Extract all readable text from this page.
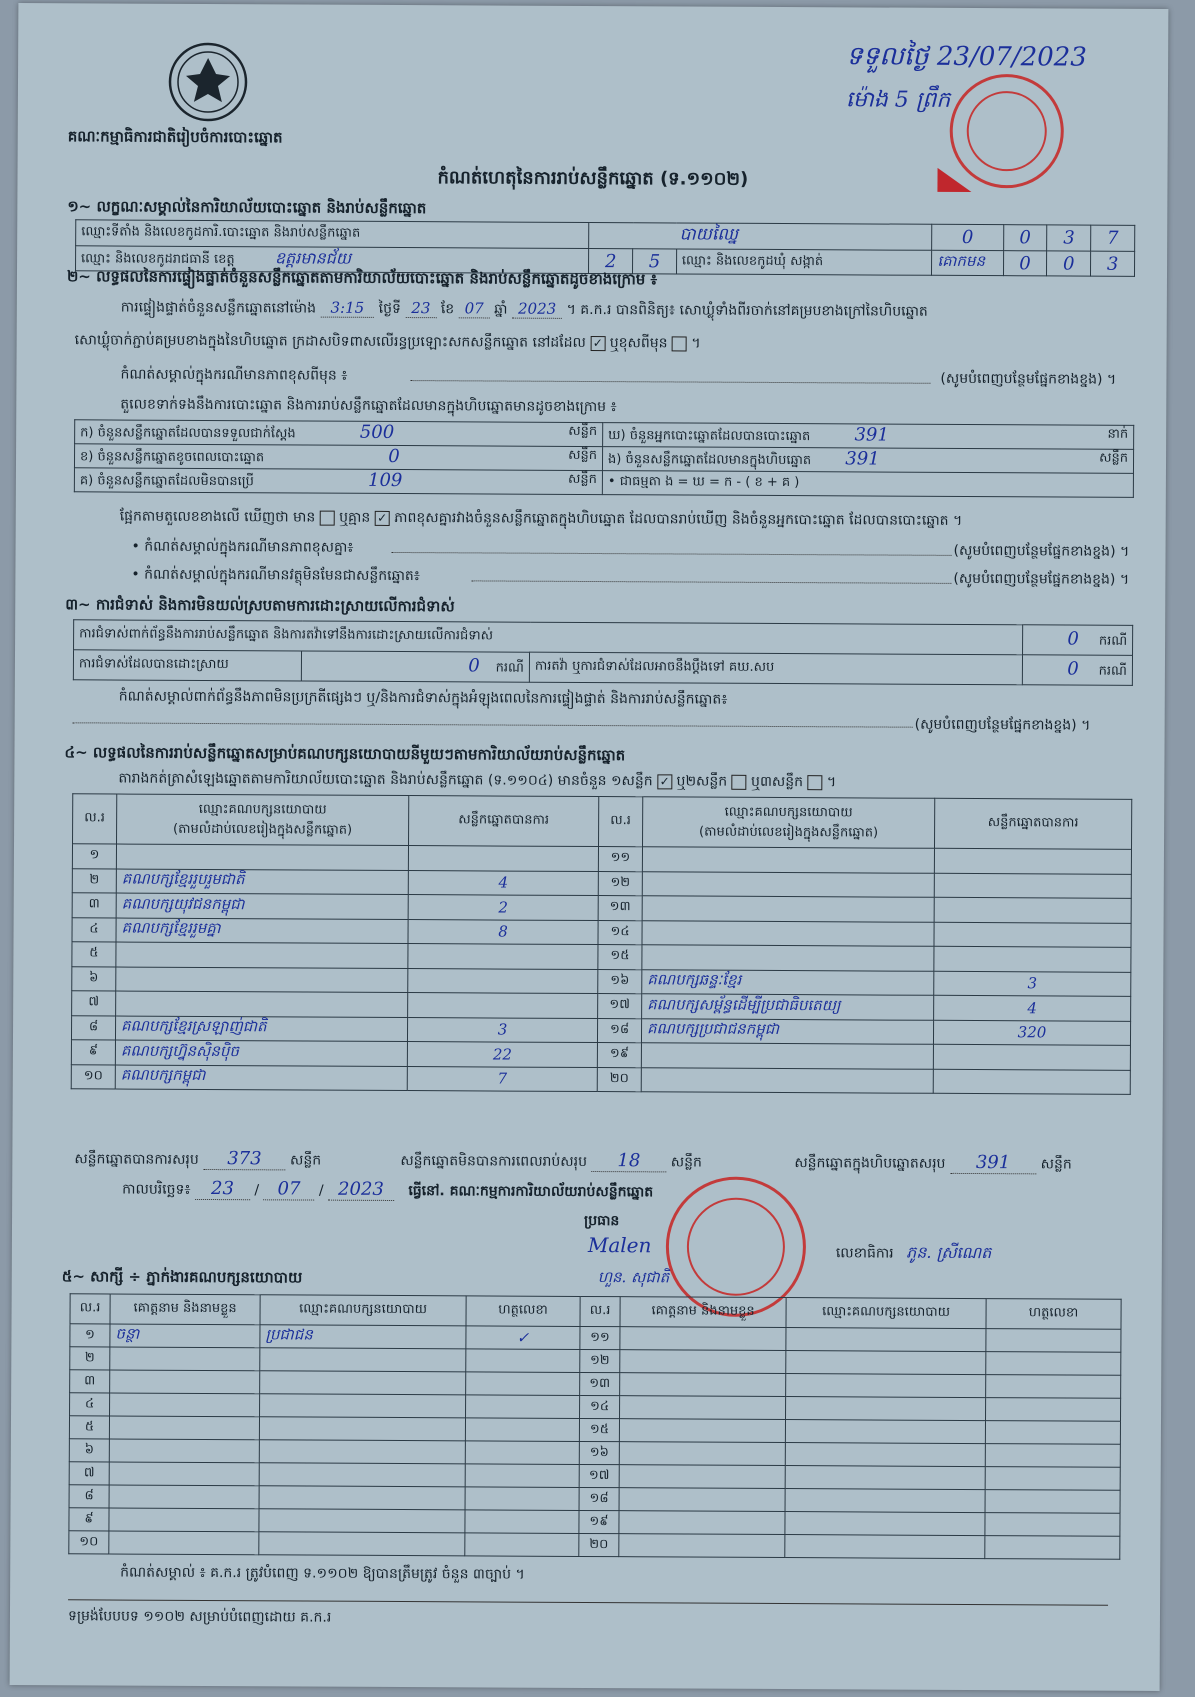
គណៈកម្មាធិការជាតិរៀបចំការបោះឆ្នោត
ទទួលថ្ងៃ 23/07/2023
ម៉ោង 5 ព្រឹក
កំណត់ហេតុនៃការរាប់សន្លឹកឆ្នោត (ទ.១១០២)
១~ លក្ខណៈសម្គាល់នៃការិយាល័យបោះឆ្នោត និងរាប់សន្លឹកឆ្នោត
ឈ្មោះទីតាំង និងលេខកូដការិ.បោះឆ្នោត និងរាប់សន្លឹកឆ្នោត	បាយឈ្នៃ			0	0	3	7
ឈ្មោះ និងលេខកូដរាជធានី ខេត្ត ឧត្តរមានជ័យ	2	5	ឈ្មោះ និងលេខកូដឃុំ សង្កាត់	គោកមន	0	0	3
២~ លទ្ធផលនៃការផ្ទៀងផ្ទាត់ចំនួនសន្លឹកឆ្នោតតាមការិយាល័យបោះឆ្នោត និងរាប់សន្លឹកឆ្នោតដូចខាងក្រោម ៖
ការផ្ទៀងផ្ទាត់ចំនួនសន្លឹកឆ្នោតនៅម៉ោង 3:15 ថ្ងៃទី 23 ខែ 07 ឆ្នាំ 2023 ។ គ.ក.រ បានពិនិត្យ៖ សោឃ្លុំទាំងពីរចាក់នៅគម្របខាងក្រៅនៃហិបឆ្នោត
សោឃ្លុំចាក់ភ្ជាប់គម្របខាងក្នុងនៃហិបឆ្នោត ក្រដាសបិទពាសលើរន្ធប្រឡោះសកសន្លឹកឆ្នោត នៅដដែល ✓ ឬខុសពីមុន  ។
កំណត់សម្គាល់ក្នុងករណីមានភាពខុសពីមុន ៖	(សូមបំពេញបន្ថែមផ្នែកខាងខ្នង) ។
តួលេខទាក់ទងនឹងការបោះឆ្នោត និងការរាប់សន្លឹកឆ្នោតដែលមានក្នុងហិបឆ្នោតមានដូចខាងក្រោម ៖
ក) ចំនួនសន្លឹកឆ្នោតដែលបានទទួលជាក់ស្តែង 500 សន្លឹក	ឃ) ចំនួនអ្នកបោះឆ្នោតដែលបានបោះឆ្នោត 391 នាក់

ខ) ចំនួនសន្លឹកឆ្នោតខូចពេលបោះឆ្នោត 0 សន្លឹក	ង) ចំនួនសន្លឹកឆ្នោតដែលមានក្នុងហិបឆ្នោត 391 សន្លឹក

គ) ចំនួនសន្លឹកឆ្នោតដែលមិនបានប្រើ 109 សន្លឹក	• ជាធម្មតា ង = ឃ = ក - ( ខ + គ )
ផ្អែកតាមតួលេខខាងលើ ឃើញថា មាន ឬគ្មាន ✓ ភាពខុសគ្នារវាងចំនួនសន្លឹកឆ្នោតក្នុងហិបឆ្នោត ដែលបានរាប់ឃើញ និងចំនួនអ្នកបោះឆ្នោត ដែលបានបោះឆ្នោត ។
• កំណត់សម្គាល់ក្នុងករណីមានភាពខុសគ្នា៖	(សូមបំពេញបន្ថែមផ្នែកខាងខ្នង) ។
• កំណត់សម្គាល់ក្នុងករណីមានវត្ថុមិនមែនជាសន្លឹកឆ្នោត៖	(សូមបំពេញបន្ថែមផ្នែកខាងខ្នង) ។
៣~ ការជំទាស់ និងការមិនយល់ស្របតាមការដោះស្រាយលើការជំទាស់
ការជំទាស់ពាក់ព័ន្ធនឹងការរាប់សន្លឹកឆ្នោត និងការតវ៉ាទៅនឹងការដោះស្រាយលើការជំទាស់			0 ករណី
ការជំទាស់ដែលបានដោះស្រាយ	0 ករណី	ការតវ៉ា ឬការជំទាស់ដែលអាចនឹងប្តឹងទៅ គឃ.សប	0 ករណី
កំណត់សម្គាល់ពាក់ព័ន្ធនឹងភាពមិនប្រក្រតីផ្សេងៗ ឬ/និងការជំទាស់ក្នុងអំឡុងពេលនៃការផ្ទៀងផ្ទាត់ និងការរាប់សន្លឹកឆ្នោត៖
(សូមបំពេញបន្ថែមផ្នែកខាងខ្នង) ។
៤~ លទ្ធផលនៃការរាប់សន្លឹកឆ្នោតសម្រាប់គណបក្សនយោបាយនីមួយៗតាមការិយាល័យរាប់សន្លឹកឆ្នោត
តារាងកត់ត្រាសំឡេងឆ្នោតតាមការិយាល័យបោះឆ្នោត និងរាប់សន្លឹកឆ្នោត (ទ.១១០៤) មានចំនួន ១សន្លឹក ✓ ឬ២សន្លឹក ឬ៣សន្លឹក  ។
ល.រ	ឈ្មោះគណបក្សនយោបាយ
(តាមលំដាប់លេខរៀងក្នុងសន្លឹកឆ្នោត)	សន្លឹកឆ្នោតបានការ	ល.រ	ឈ្មោះគណបក្សនយោបាយ
(តាមលំដាប់លេខរៀងក្នុងសន្លឹកឆ្នោត)	សន្លឹកឆ្នោតបានការ
១			១១		
២	គណបក្សខ្មែររួបរួមជាតិ	4	១២		
៣	គណបក្សយុវជនកម្ពុជា	2	១៣		
៤	គណបក្សខ្មែររួមគ្នា	8	១៤		
៥			១៥		
៦			១៦	គណបក្សឆន្ទៈខ្មែរ	3
៧			១៧	គណបក្សសម្ព័ន្ធដើម្បីប្រជាធិបតេយ្យ	4
៨	គណបក្សខ្មែរស្រឡាញ់ជាតិ	3	១៨	គណបក្សប្រជាជនកម្ពុជា	320
៩	គណបក្សហ្វ៊ុនស៊ិនប៉ិច	22	១៩		
១០	គណបក្សកម្ពុជា	7	២០		
សន្លឹកឆ្នោតបានការសរុប 373 សន្លឹក	សន្លឹកឆ្នោតមិនបានការពេលរាប់សរុប 18 សន្លឹក	សន្លឹកឆ្នោតក្នុងហិបឆ្នោតសរុប 391 សន្លឹក
កាលបរិច្ឆេទ៖ 23 / 07 / 2023 ធ្វើនៅ. គណៈកម្មការការិយាល័យរាប់សន្លឹកឆ្នោត
ប្រធាន
Malen
ហួន. សុជាតិ
លេខាធិការ ភូន. ស្រីណេត
៥~ សាក្សី ÷ ភ្នាក់ងារគណបក្សនយោបាយ
ល.រ	គោត្តនាម និងនាមខ្លួន	ឈ្មោះគណបក្សនយោបាយ	ហត្ថលេខា	ល.រ	គោត្តនាម និងនាមខ្លួន	ឈ្មោះគណបក្សនយោបាយ	ហត្ថលេខា
១	ចន្ថា	ប្រជាជន	✓	១១			
២				១២			
៣				១៣			
៤				១៤			
៥				១៥			
៦				១៦			
៧				១៧			
៨				១៨			
៩				១៩			
១០				២០			
កំណត់សម្គាល់ ៖ គ.ក.រ ត្រូវបំពេញ ទ.១១០២ ឱ្យបានត្រឹមត្រូវ ចំនួន ៣ច្បាប់ ។
ទម្រង់បែបបទ ១១០២ សម្រាប់បំពេញដោយ គ.ក.រ
